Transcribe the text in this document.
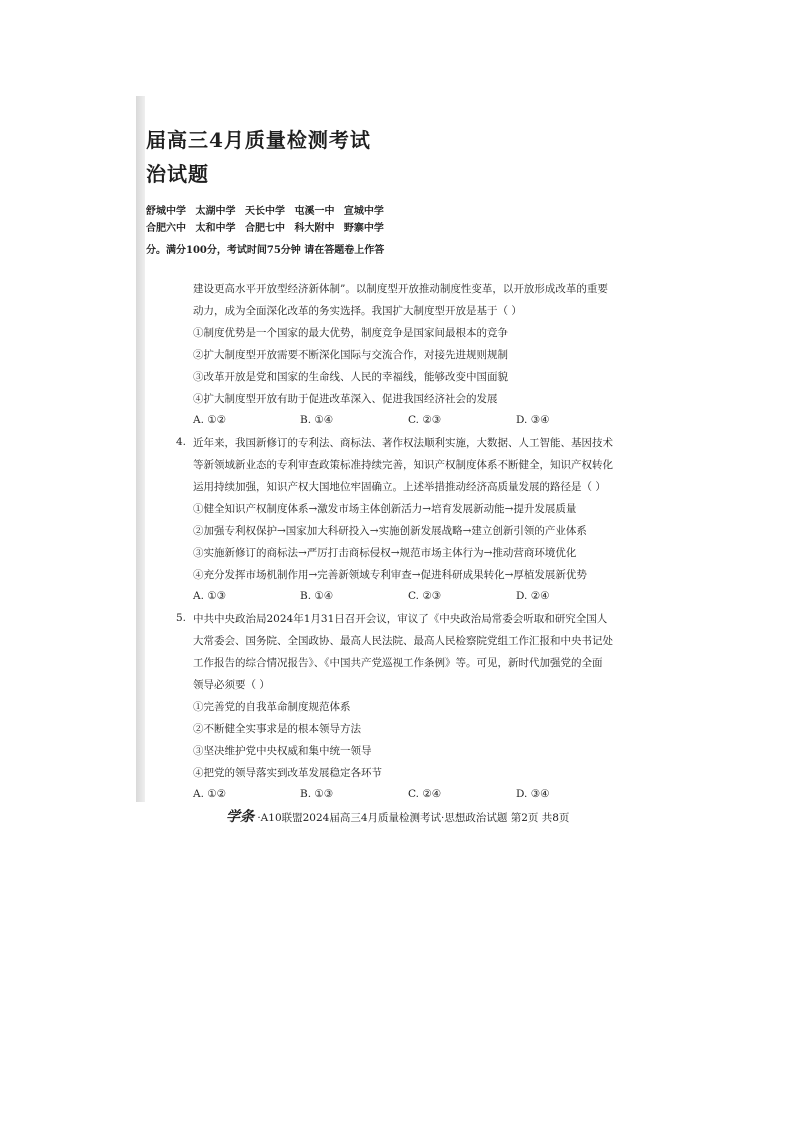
届高三4月质量检测考试
治试题
舒城中学 太湖中学 天长中学 屯溪一中 宣城中学
合肥六中 太和中学 合肥七中 科大附中 野寨中学
分。满分100分，考试时间75分钟 请在答题卷上作答
建设更高水平开放型经济新体制”。以制度型开放推动制度性变革，以开放形成改革的重要
动力，成为全面深化改革的务实选择。我国扩大制度型开放是基于（ ）
①制度优势是一个国家的最大优势，制度竞争是国家间最根本的竞争
②扩大制度型开放需要不断深化国际与交流合作，对接先进规则规制
③改革开放是党和国家的生命线、人民的幸福线，能够改变中国面貌
④扩大制度型开放有助于促进改革深入、促进我国经济社会的发展
A. ①②	B. ①④	C. ②③	D. ③④
4. 近年来，我国新修订的专利法、商标法、著作权法顺利实施，大数据、人工智能、基因技术
等新领域新业态的专利审查政策标准持续完善，知识产权制度体系不断健全，知识产权转化
运用持续加强，知识产权大国地位牢固确立。上述举措推动经济高质量发展的路径是（ ）
①健全知识产权制度体系→激发市场主体创新活力→培育发展新动能→提升发展质量
②加强专利权保护→国家加大科研投入→实施创新发展战略→建立创新引领的产业体系
③实施新修订的商标法→严厉打击商标侵权→规范市场主体行为→推动营商环境优化
④充分发挥市场机制作用→完善新领域专利审查→促进科研成果转化→厚植发展新优势
A. ①③	B. ①④	C. ②③	D. ②④
5. 中共中央政治局2024年1月31日召开会议，审议了《中央政治局常委会听取和研究全国人
大常委会、国务院、全国政协、最高人民法院、最高人民检察院党组工作汇报和中央书记处
工作报告的综合情况报告》、《中国共产党巡视工作条例》等。可见，新时代加强党的全面
领导必须要（ ）
①完善党的自我革命制度规范体系
②不断健全实事求是的根本领导方法
③坚决维护党中央权威和集中统一领导
④把党的领导落实到改革发展稳定各环节
A. ①②	B. ①③	C. ②④	D. ③④
学条 ·A10联盟2024届高三4月质量检测考试·思想政治试题 第2页 共8页
